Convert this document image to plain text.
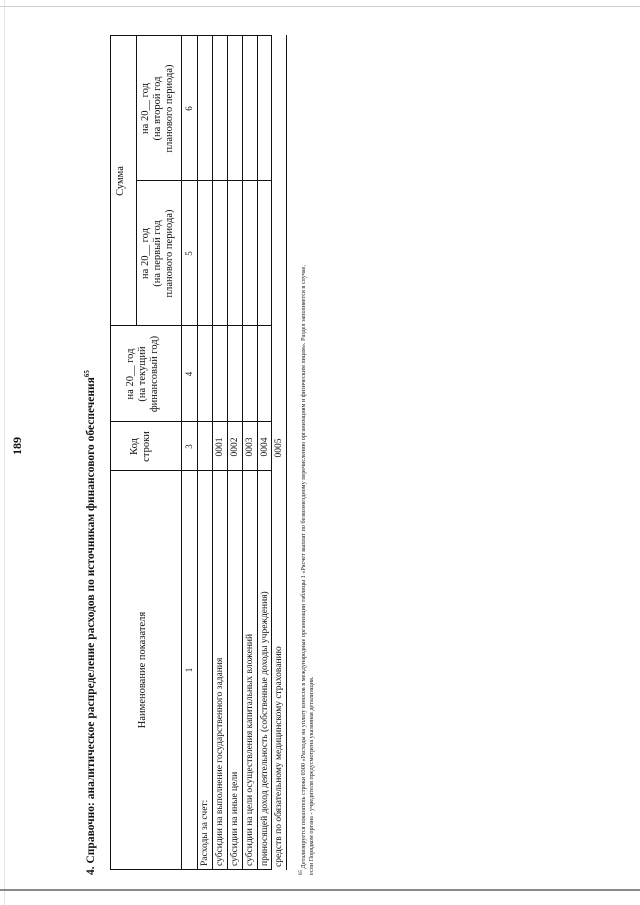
189	4. Справочно: аналитическое распределение расходов по источникам финансового обеспечения$^{65}$
Наименование показателя
Код строки
на 20__ год (на текущий финансовый год)
Сумма
на 20__ год (на первый год планового периода)
на 20__ год (на второй год планового периода)
1
3
4
5
6
Расходы за счет: субсидии на выполнение государственного задания субсидии на иные цели субсидии на цели осуществления капитальных вложений приносящей доход деятельность (собственные доходы учреждения)
0001 0002 0003 0004
средств по обязательному медицинскому страхованию
0005
$^{65}$ Детализируется показатель строки 0300 «Расходы на уплату взносов в международные организации таблицы 1 «Расчет выплат по безвозмездному перечислению организациям и физическим лицам». Раздел заполняется в случае, если Порядком органа - учредителя предусмотрена указанная детализация.
